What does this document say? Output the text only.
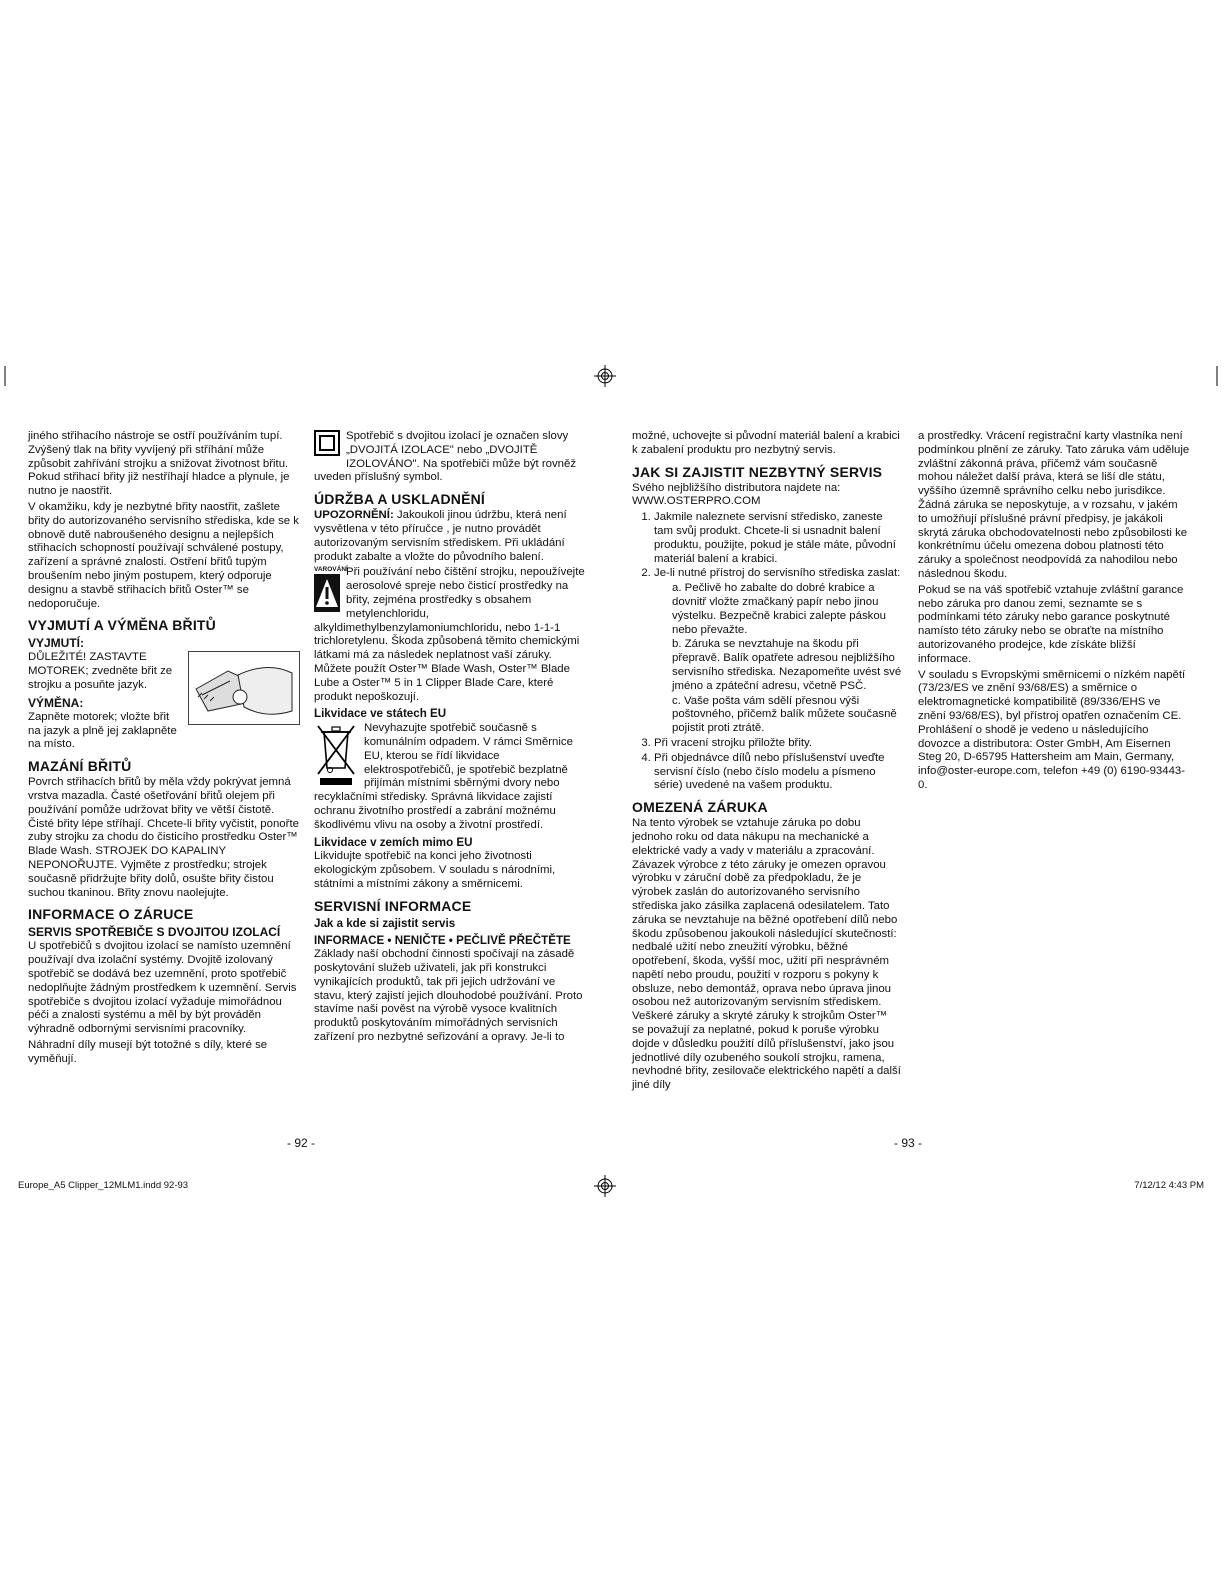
jiného střihacího nástroje se ostří používáním tupí. Zvýšený tlak na břity vyvíjený při stříhání může způsobit zahřívání strojku a snižovat životnost břitu. Pokud střihací břity již nestříhají hladce a plynule, je nutno je naostřit.

V okamžiku, kdy je nezbytné břity naostřit, zašlete břity do autorizovaného servisního střediska, kde se k obnově dutě nabroušeného designu a nejlepších střihacích schopností používají schválené postupy, zařízení a správné znalosti. Ostření břitů tupým broušením nebo jiným postupem, který odporuje designu a stavbě střihacích břitů Oster™ se nedoporučuje.

VYJMUTÍ A VÝMĚNA BŘITŮ
VYJMUTÍ:

DŮLEŽITÉ! ZASTAVTE MOTOREK; zvedněte břit ze strojku a posuňte jazyk.

VÝMĚNA:

Zapněte motorek; vložte břit na jazyk a plně jej zaklapněte na místo.

MAZÁNÍ BŘITŮ

Povrch střihacích břitů by měla vždy pokrývat jemná vrstva mazadla. Časté ošetřování břitů olejem při používání pomůže udržovat břity ve větší čistotě. Čisté břity lépe stříhají. Chcete-li břity vyčistit, ponořte zuby strojku za chodu do čisticího prostředku Oster™ Blade Wash. STROJEK DO KAPALINY NEPONOŘUJTE. Vyjměte z prostředku; strojek současně přidržujte břity dolů, osušte břity čistou suchou tkaninou. Břity znovu naolejujte.

INFORMACE O ZÁRUCE
SERVIS SPOTŘEBIČE S DVOJITOU IZOLACÍ

U spotřebičů s dvojitou izolací se namísto uzemnění používají dva izolační systémy. Dvojitě izolovaný spotřebič se dodává bez uzemnění, proto spotřebič nedoplňujte žádným prostředkem k uzemnění. Servis spotřebiče s dvojitou izolací vyžaduje mimořádnou péči a znalosti systému a měl by být prováděn výhradně odbornými servisními pracovníky.

Náhradní díly musejí být totožné s díly, které se vyměňují.

Spotřebič s dvojitou izolací je označen slovy „DVOJITÁ IZOLACE" nebo „DVOJITĚ IZOLOVÁNO". Na spotřebiči může být rovněž uveden příslušný symbol.

ÚDRŽBA A USKLADNĚNÍ

UPOZORNĚNÍ: Jakoukoli jinou údržbu, která není vysvětlena v této příručce , je nutno provádět autorizovaným servisním střediskem. Při ukládání produkt zabalte a vložte do původního balení.

VAROVÁNÍ

Při používání nebo čištění strojku, nepoužívejte aerosolové spreje nebo čisticí prostředky na břity, zejména prostředky s obsahem metylenchloridu, alkyldimethylbenzylamoniumchloridu, nebo 1-1-1 trichloretylenu. Škoda způsobená těmito chemickými látkami má za následek neplatnost vaší záruky. Můžete použít Oster™ Blade Wash, Oster™ Blade Lube a Oster™ 5 in 1 Clipper Blade Care, které produkt nepoškozují.

Likvidace ve státech EU

Nevyhazujte spotřebič současně s komunálním odpadem. V rámci Směrnice EU, kterou se řídí likvidace elektrospotřebičů, je spotřebič bezplatně přijímán místními sběrnými dvory nebo recyklačními středisky. Správná likvidace zajistí ochranu životního prostředí a zabrání možnému škodlivému vlivu na osoby a životní prostředí.

Likvidace v zemích mimo EU

Likvidujte spotřebič na konci jeho životnosti ekologickým způsobem. V souladu s národními, státními a místními zákony a směrnicemi.

SERVISNÍ INFORMACE
Jak a kde si zajistit servis
INFORMACE • NENIČTE • PEČLIVĚ PŘEČTĚTE

Základy naší obchodní činnosti spočívají na zásadě poskytování služeb uživateli, jak při konstrukci vynikajících produktů, tak při jejich udržování ve stavu, který zajistí jejich dlouhodobé používání. Proto stavíme naši pověst na výrobě vysoce kvalitních produktů poskytováním mimořádných servisních zařízení pro nezbytné seřizování a opravy. Je-li to

možné, uchovejte si původní materiál balení a krabici k zabalení produktu pro nezbytný servis.

JAK SI ZAJISTIT NEZBYTNÝ SERVIS

Svého nejbližšího distributora najdete na: WWW.OSTERPRO.COM

1. Jakmile naleznete servisní středisko, zaneste tam svůj produkt. Chcete-li si usnadnit balení produktu, použijte, pokud je stále máte, původní materiál balení a krabici.
2. Je-li nutné přístroj do servisního střediska zaslat:
a. Pečlivě ho zabalte do dobré krabice a dovnitř vložte zmačkaný papír nebo jinou výstelku. Bezpečně krabici zalepte páskou nebo převažte.
b. Záruka se nevztahuje na škodu při přepravě. Balík opatřete adresou nejbližšího servisního střediska. Nezapomeňte uvést své jméno a zpáteční adresu, včetně PSČ.
c. Vaše pošta vám sdělí přesnou výši poštovného, přičemž balík můžete současně pojistit proti ztrátě.
3. Při vracení strojku přiložte břity.
4. Při objednávce dílů nebo příslušenství uveďte servisní číslo (nebo číslo modelu a písmeno série) uvedené na vašem produktu.
OMEZENÁ ZÁRUKA

Na tento výrobek se vztahuje záruka po dobu jednoho roku od data nákupu na mechanické a elektrické vady a vady v materiálu a zpracování. Závazek výrobce z této záruky je omezen opravou výrobku v záruční době za předpokladu, že je výrobek zaslán do autorizovaného servisního střediska jako zásilka zaplacená odesilatelem. Tato záruka se nevztahuje na běžné opotřebení dílů nebo škodu způsobenou jakoukoli následující skutečností: nedbalé užití nebo zneužití výrobku, běžné opotřebení, škoda, vyšší moc, užití při nesprávném napětí nebo proudu, použití v rozporu s pokyny k obsluze, nebo demontáž, oprava nebo úprava jinou osobou než autorizovaným servisním střediskem. Veškeré záruky a skryté záruky k strojkům Oster™ se považují za neplatné, pokud k poruše výrobku dojde v důsledku použití dílů příslušenství, jako jsou jednotlivé díly ozubeného soukolí strojku, ramena, nevhodné břity, zesilovače elektrického napětí a další jiné díly

a prostředky. Vrácení registrační karty vlastníka není podmínkou plnění ze záruky. Tato záruka vám uděluje zvláštní zákonná práva, přičemž vám současně mohou náležet další práva, která se liší dle státu, vyššího územně správního celku nebo jurisdikce. Žádná záruka se neposkytuje, a v rozsahu, v jakém to umožňují příslušné právní předpisy, je jakákoli skrytá záruka obchodovatelnosti nebo způsobilosti ke konkrétnímu účelu omezena dobou platnosti této záruky a společnost neodpovídá za nahodilou nebo následnou škodu.

Pokud se na váš spotřebič vztahuje zvláštní garance nebo záruka pro danou zemi, seznamte se s podmínkami této záruky nebo garance poskytnuté namísto této záruky nebo se obraťte na místního autorizovaného prodejce, kde získáte bližší informace.

V souladu s Evropskými směrnicemi o nízkém napětí (73/23/ES ve znění 93/68/ES) a směrnice o elektromagnetické kompatibilitě (89/336/EHS ve znění 93/68/ES), byl přístroj opatřen označením CE. Prohlášení o shodě je vedeno u následujícího dovozce a distributora: Oster GmbH, Am Eisernen Steg 20, D-65795 Hattersheim am Main, Germany, info@oster-europe.com, telefon +49 (0) 6190-93443-0.

- 92 -	- 93 -
Europe_A5 Clipper_12MLM1.indd 92-93	7/12/12 4:43 PM
